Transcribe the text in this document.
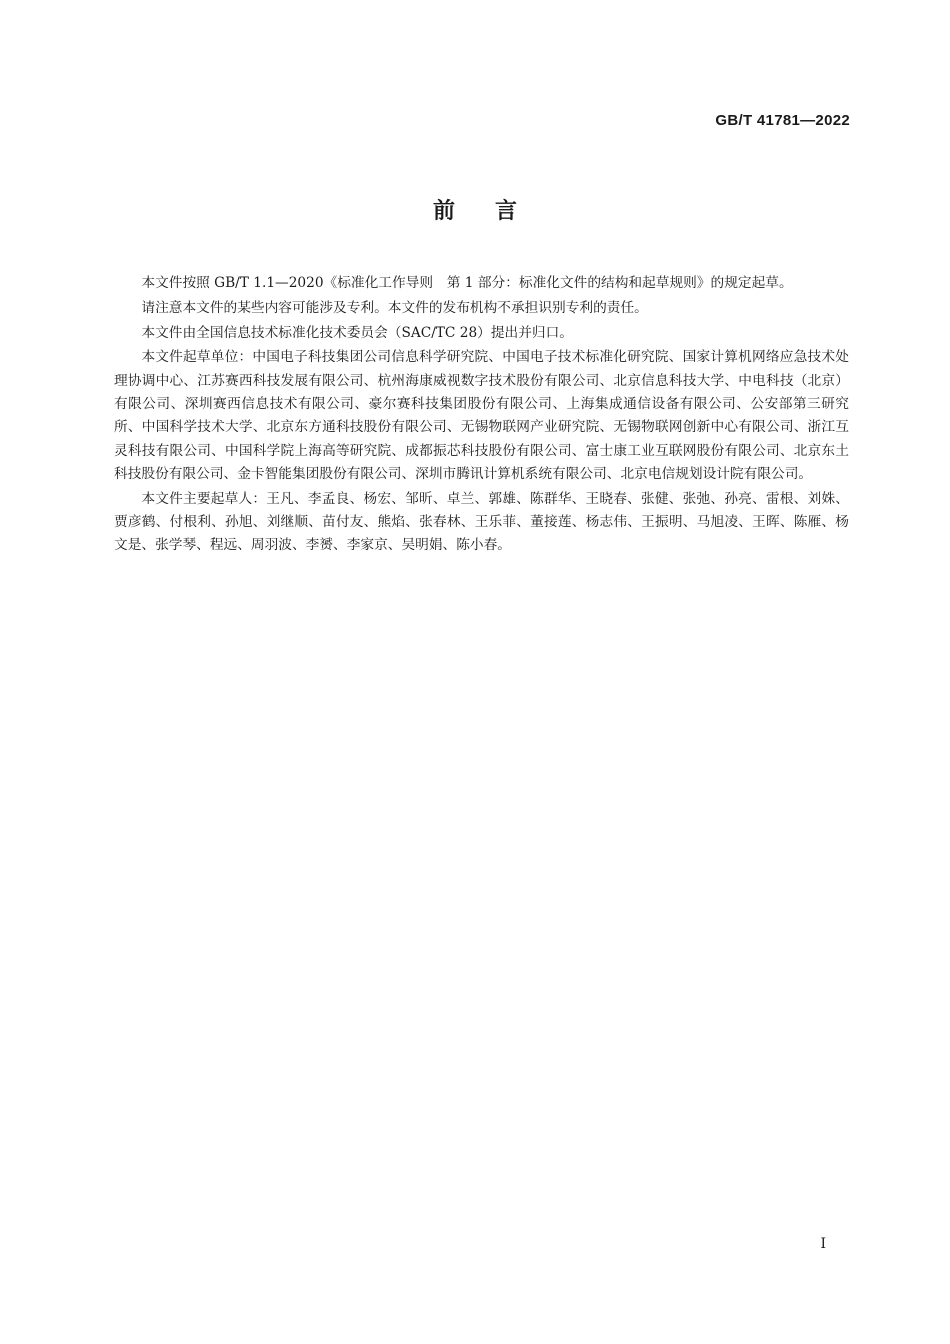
GB/T 41781—2022
前言

本文件按照 GB/T 1.1—2020《标准化工作导则　第 1 部分：标准化文件的结构和起草规则》的规定起草。

请注意本文件的某些内容可能涉及专利。本文件的发布机构不承担识别专利的责任。

本文件由全国信息技术标准化技术委员会（SAC/TC 28）提出并归口。

本文件起草单位：中国电子科技集团公司信息科学研究院、中国电子技术标准化研究院、国家计算机网络应急技术处理协调中心、江苏赛西科技发展有限公司、杭州海康威视数字技术股份有限公司、北京信息科技大学、中电科技（北京）有限公司、深圳赛西信息技术有限公司、豪尔赛科技集团股份有限公司、上海集成通信设备有限公司、公安部第三研究所、中国科学技术大学、北京东方通科技股份有限公司、无锡物联网产业研究院、无锡物联网创新中心有限公司、浙江互灵科技有限公司、中国科学院上海高等研究院、成都振芯科技股份有限公司、富士康工业互联网股份有限公司、北京东土科技股份有限公司、金卡智能集团股份有限公司、深圳市腾讯计算机系统有限公司、北京电信规划设计院有限公司。

本文件主要起草人：王凡、李孟良、杨宏、邹昕、卓兰、郭雄、陈群华、王晓春、张健、张弛、孙亮、雷根、刘姝、贾彦鹤、付根利、孙旭、刘继顺、苗付友、熊焰、张春林、王乐菲、董接莲、杨志伟、王振明、马旭凌、王晖、陈雁、杨文是、张学琴、程远、周羽波、李赟、李家京、吴明娟、陈小春。

I
